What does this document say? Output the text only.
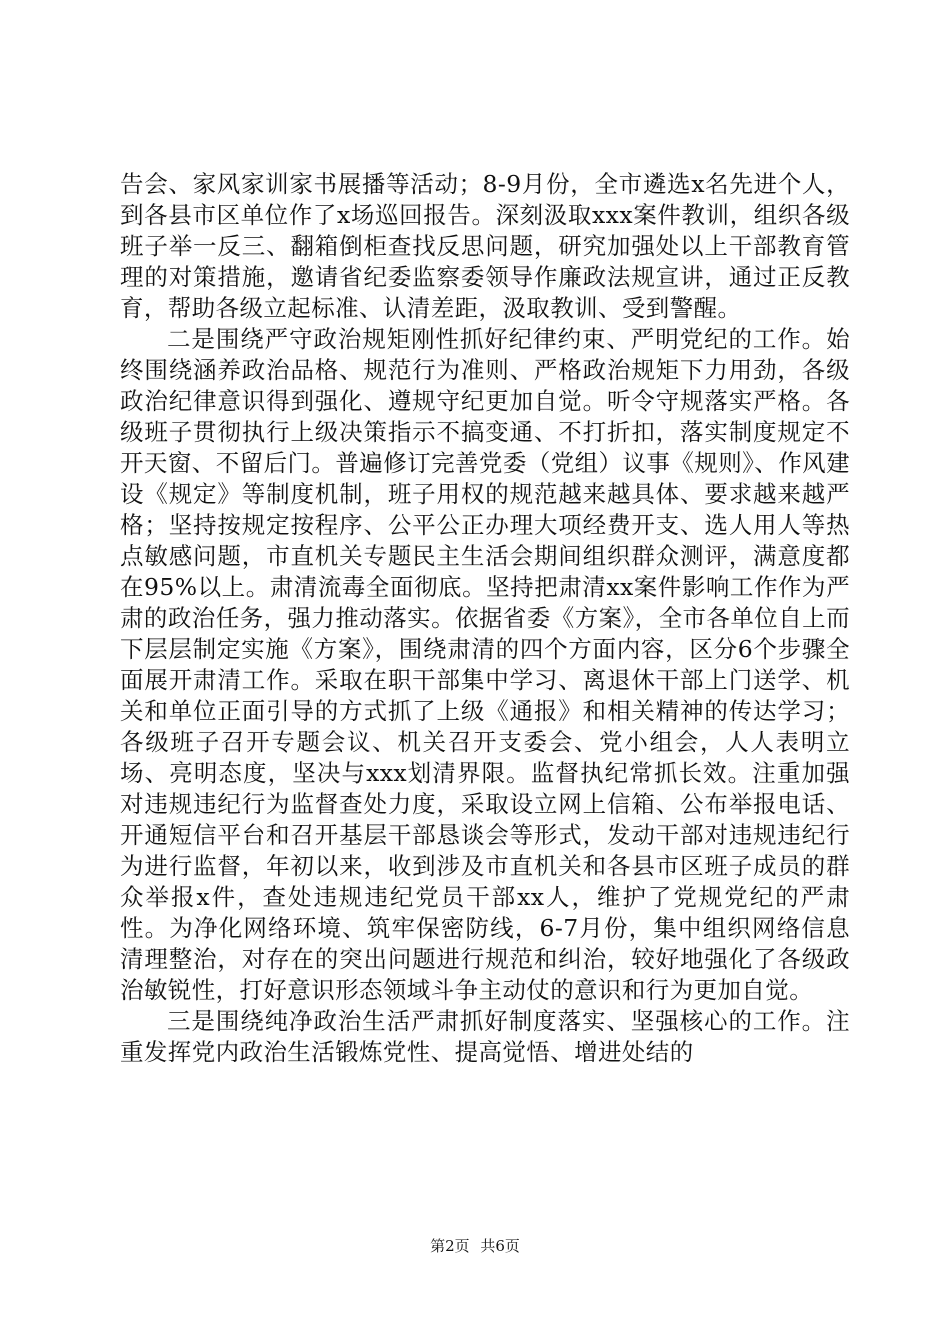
告会、家风家训家书展播等活动；8-9月份，全市遴选x名先进个人，到各县市区单位作了x场巡回报告。深刻汲取xxx案件教训，组织各级班子举一反三、翻箱倒柜查找反思问题，研究加强处以上干部教育管理的对策措施，邀请省纪委监察委领导作廉政法规宣讲，通过正反教育，帮助各级立起标准、认清差距，汲取教训、受到警醒。

二是围绕严守政治规矩刚性抓好纪律约束、严明党纪的工作。始终围绕涵养政治品格、规范行为准则、严格政治规矩下力用劲，各级政治纪律意识得到强化、遵规守纪更加自觉。听令守规落实严格。各级班子贯彻执行上级决策指示不搞变通、不打折扣，落实制度规定不开天窗、不留后门。普遍修订完善党委（党组）议事《规则》、作风建设《规定》等制度机制，班子用权的规范越来越具体、要求越来越严格；坚持按规定按程序、公平公正办理大项经费开支、选人用人等热点敏感问题，市直机关专题民主生活会期间组织群众测评，满意度都在95%以上。肃清流毒全面彻底。坚持把肃清xx案件影响工作作为严肃的政治任务，强力推动落实。依据省委《方案》，全市各单位自上而下层层制定实施《方案》，围绕肃清的四个方面内容，区分6个步骤全面展开肃清工作。采取在职干部集中学习、离退休干部上门送学、机关和单位正面引导的方式抓了上级《通报》和相关精神的传达学习；各级班子召开专题会议、机关召开支委会、党小组会，人人表明立场、亮明态度，坚决与xxx划清界限。监督执纪常抓长效。注重加强对违规违纪行为监督查处力度，采取设立网上信箱、公布举报电话、开通短信平台和召开基层干部恳谈会等形式，发动干部对违规违纪行为进行监督，年初以来，收到涉及市直机关和各县市区班子成员的群众举报x件，查处违规违纪党员干部xx人，维护了党规党纪的严肃性。为净化网络环境、筑牢保密防线，6-7月份，集中组织网络信息清理整治，对存在的突出问题进行规范和纠治，较好地强化了各级政治敏锐性，打好意识形态领域斗争主动仗的意识和行为更加自觉。

三是围绕纯净政治生活严肃抓好制度落实、坚强核心的工作。注重发挥党内政治生活锻炼党性、提高觉悟、增进处结的

第2页 共6页
